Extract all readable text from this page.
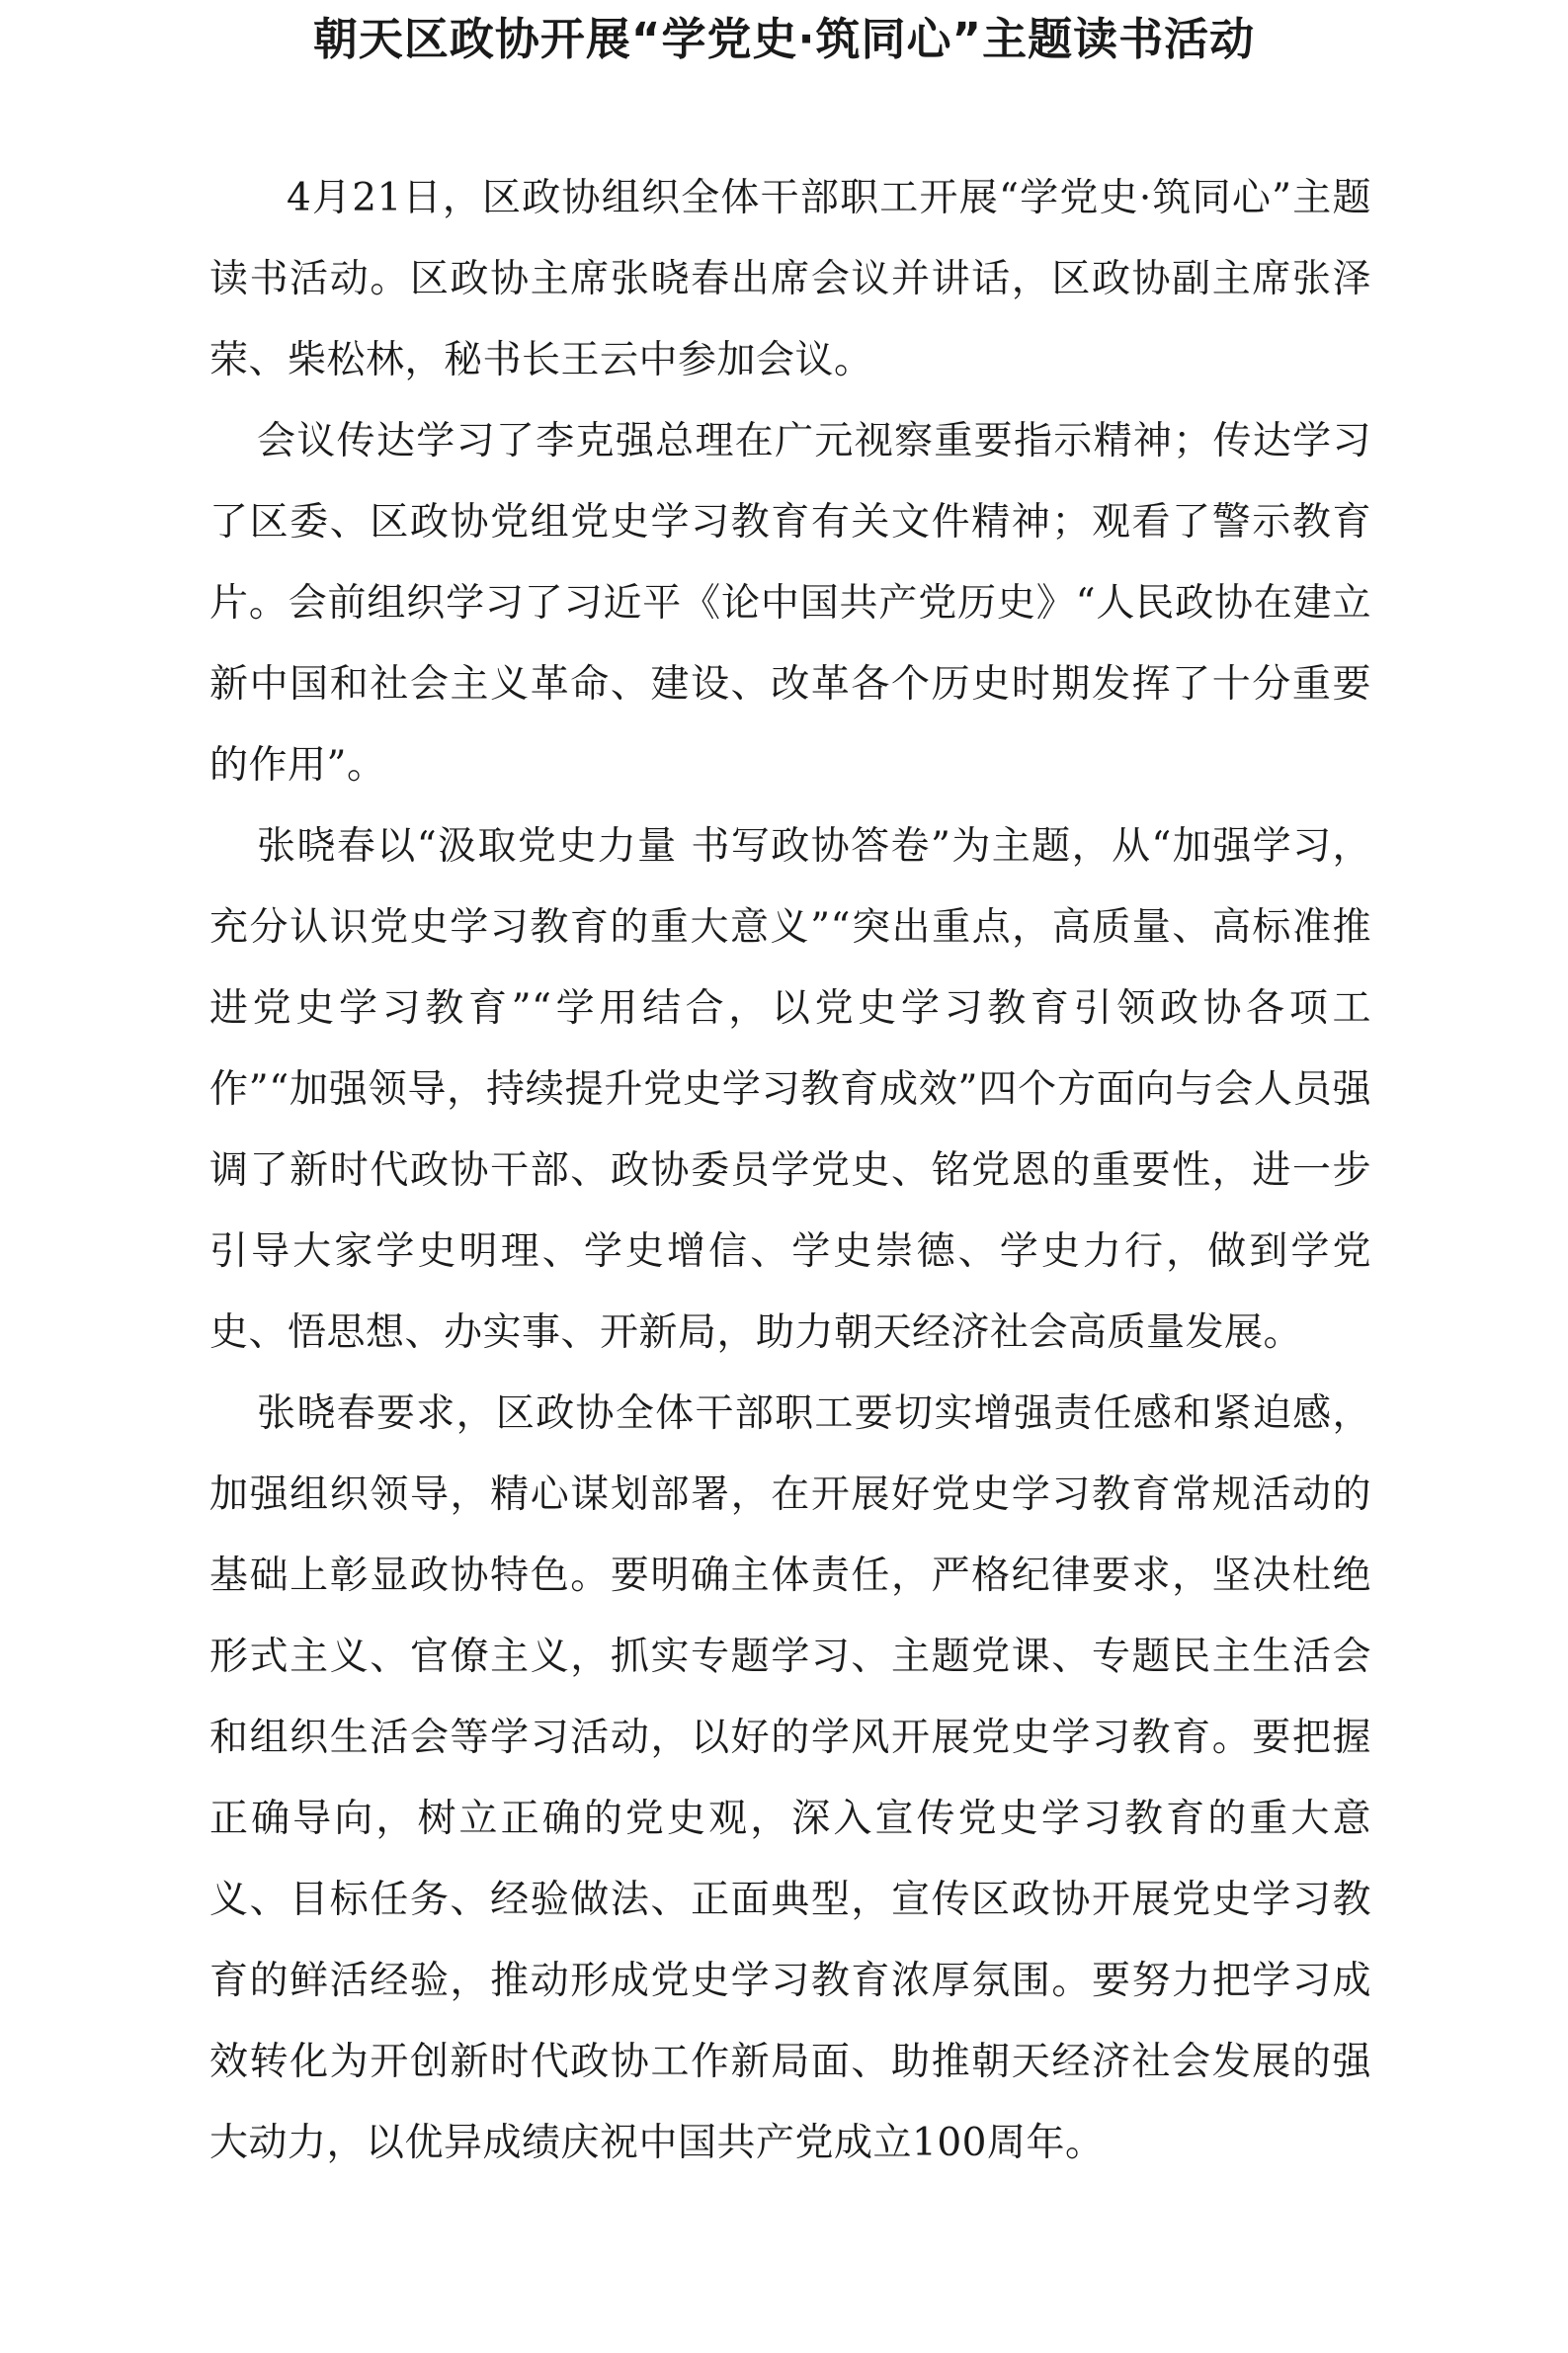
朝天区政协开展“学党史·筑同心”主题读书活动

4月21日，区政协组织全体干部职工开展“学党史·筑同心”主题读书活动。区政协主席张晓春出席会议并讲话，区政协副主席张泽荣、柴松林，秘书长王云中参加会议。

会议传达学习了李克强总理在广元视察重要指示精神；传达学习了区委、区政协党组党史学习教育有关文件精神；观看了警示教育片。会前组织学习了习近平《论中国共产党历史》“人民政协在建立新中国和社会主义革命、建设、改革各个历史时期发挥了十分重要的作用”。

张晓春以“汲取党史力量 书写政协答卷”为主题，从“加强学习，充分认识党史学习教育的重大意义”“突出重点，高质量、高标准推进党史学习教育”“学用结合，以党史学习教育引领政协各项工作”“加强领导，持续提升党史学习教育成效”四个方面向与会人员强调了新时代政协干部、政协委员学党史、铭党恩的重要性，进一步引导大家学史明理、学史增信、学史崇德、学史力行，做到学党史、悟思想、办实事、开新局，助力朝天经济社会高质量发展。

张晓春要求，区政协全体干部职工要切实增强责任感和紧迫感，加强组织领导，精心谋划部署，在开展好党史学习教育常规活动的基础上彰显政协特色。要明确主体责任，严格纪律要求，坚决杜绝形式主义、官僚主义，抓实专题学习、主题党课、专题民主生活会和组织生活会等学习活动，以好的学风开展党史学习教育。要把握正确导向，树立正确的党史观，深入宣传党史学习教育的重大意义、目标任务、经验做法、正面典型，宣传区政协开展党史学习教育的鲜活经验，推动形成党史学习教育浓厚氛围。要努力把学习成效转化为开创新时代政协工作新局面、助推朝天经济社会发展的强大动力，以优异成绩庆祝中国共产党成立100周年。
